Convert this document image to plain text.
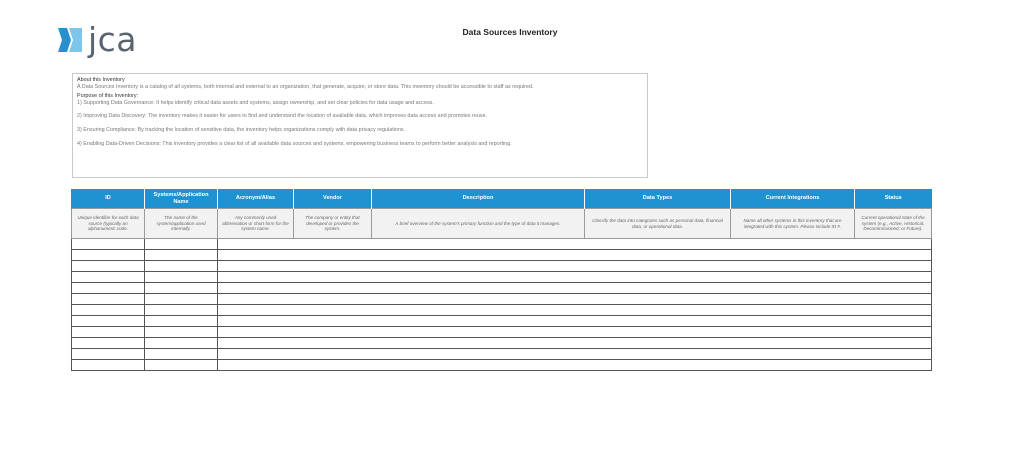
jca	Data Sources Inventory

About this Inventory

A Data Sources Inventory is a catalog of all systems, both internal and external to an organization, that generate, acquire, or store data. This inventory should be accessible to staff as required.

Purpose of this Inventory:

1) Supporting Data Governance: It helps identify critical data assets and systems, assign ownership, and set clear policies for data usage and access.

2) Improving Data Discovery: The inventory makes it easier for users to find and understand the location of available data, which improves data access and promotes reuse.

3) Ensuring Compliance: By tracking the location of sensitive data, the inventory helps organizations comply with data privacy regulations.

4) Enabling Data-Driven Decisions: This inventory provides a clear list of all available data sources and systems, empowering business teams to perform better analysis and reporting.

ID	Systems/Application Name	Acronym/Alias	Vendor	Description	Data Types	Current Integrations	Status
Unique identifier for each data source (typically an alphanumeric code.	The name of the system/application used internally.	Any commonly used abbreviation or short form for the system name.	The company or entity that developed or provides the system.	A brief overview of the system's primary function and the type of data it manages.	Classify the data into categories such as personal data, financial data, or operational data.	Name all other systems in this inventory that are integrated with this system. Please include ID #.	Current operational state of the system (e.g., Active, Historical, Decommissioned, or Future).
